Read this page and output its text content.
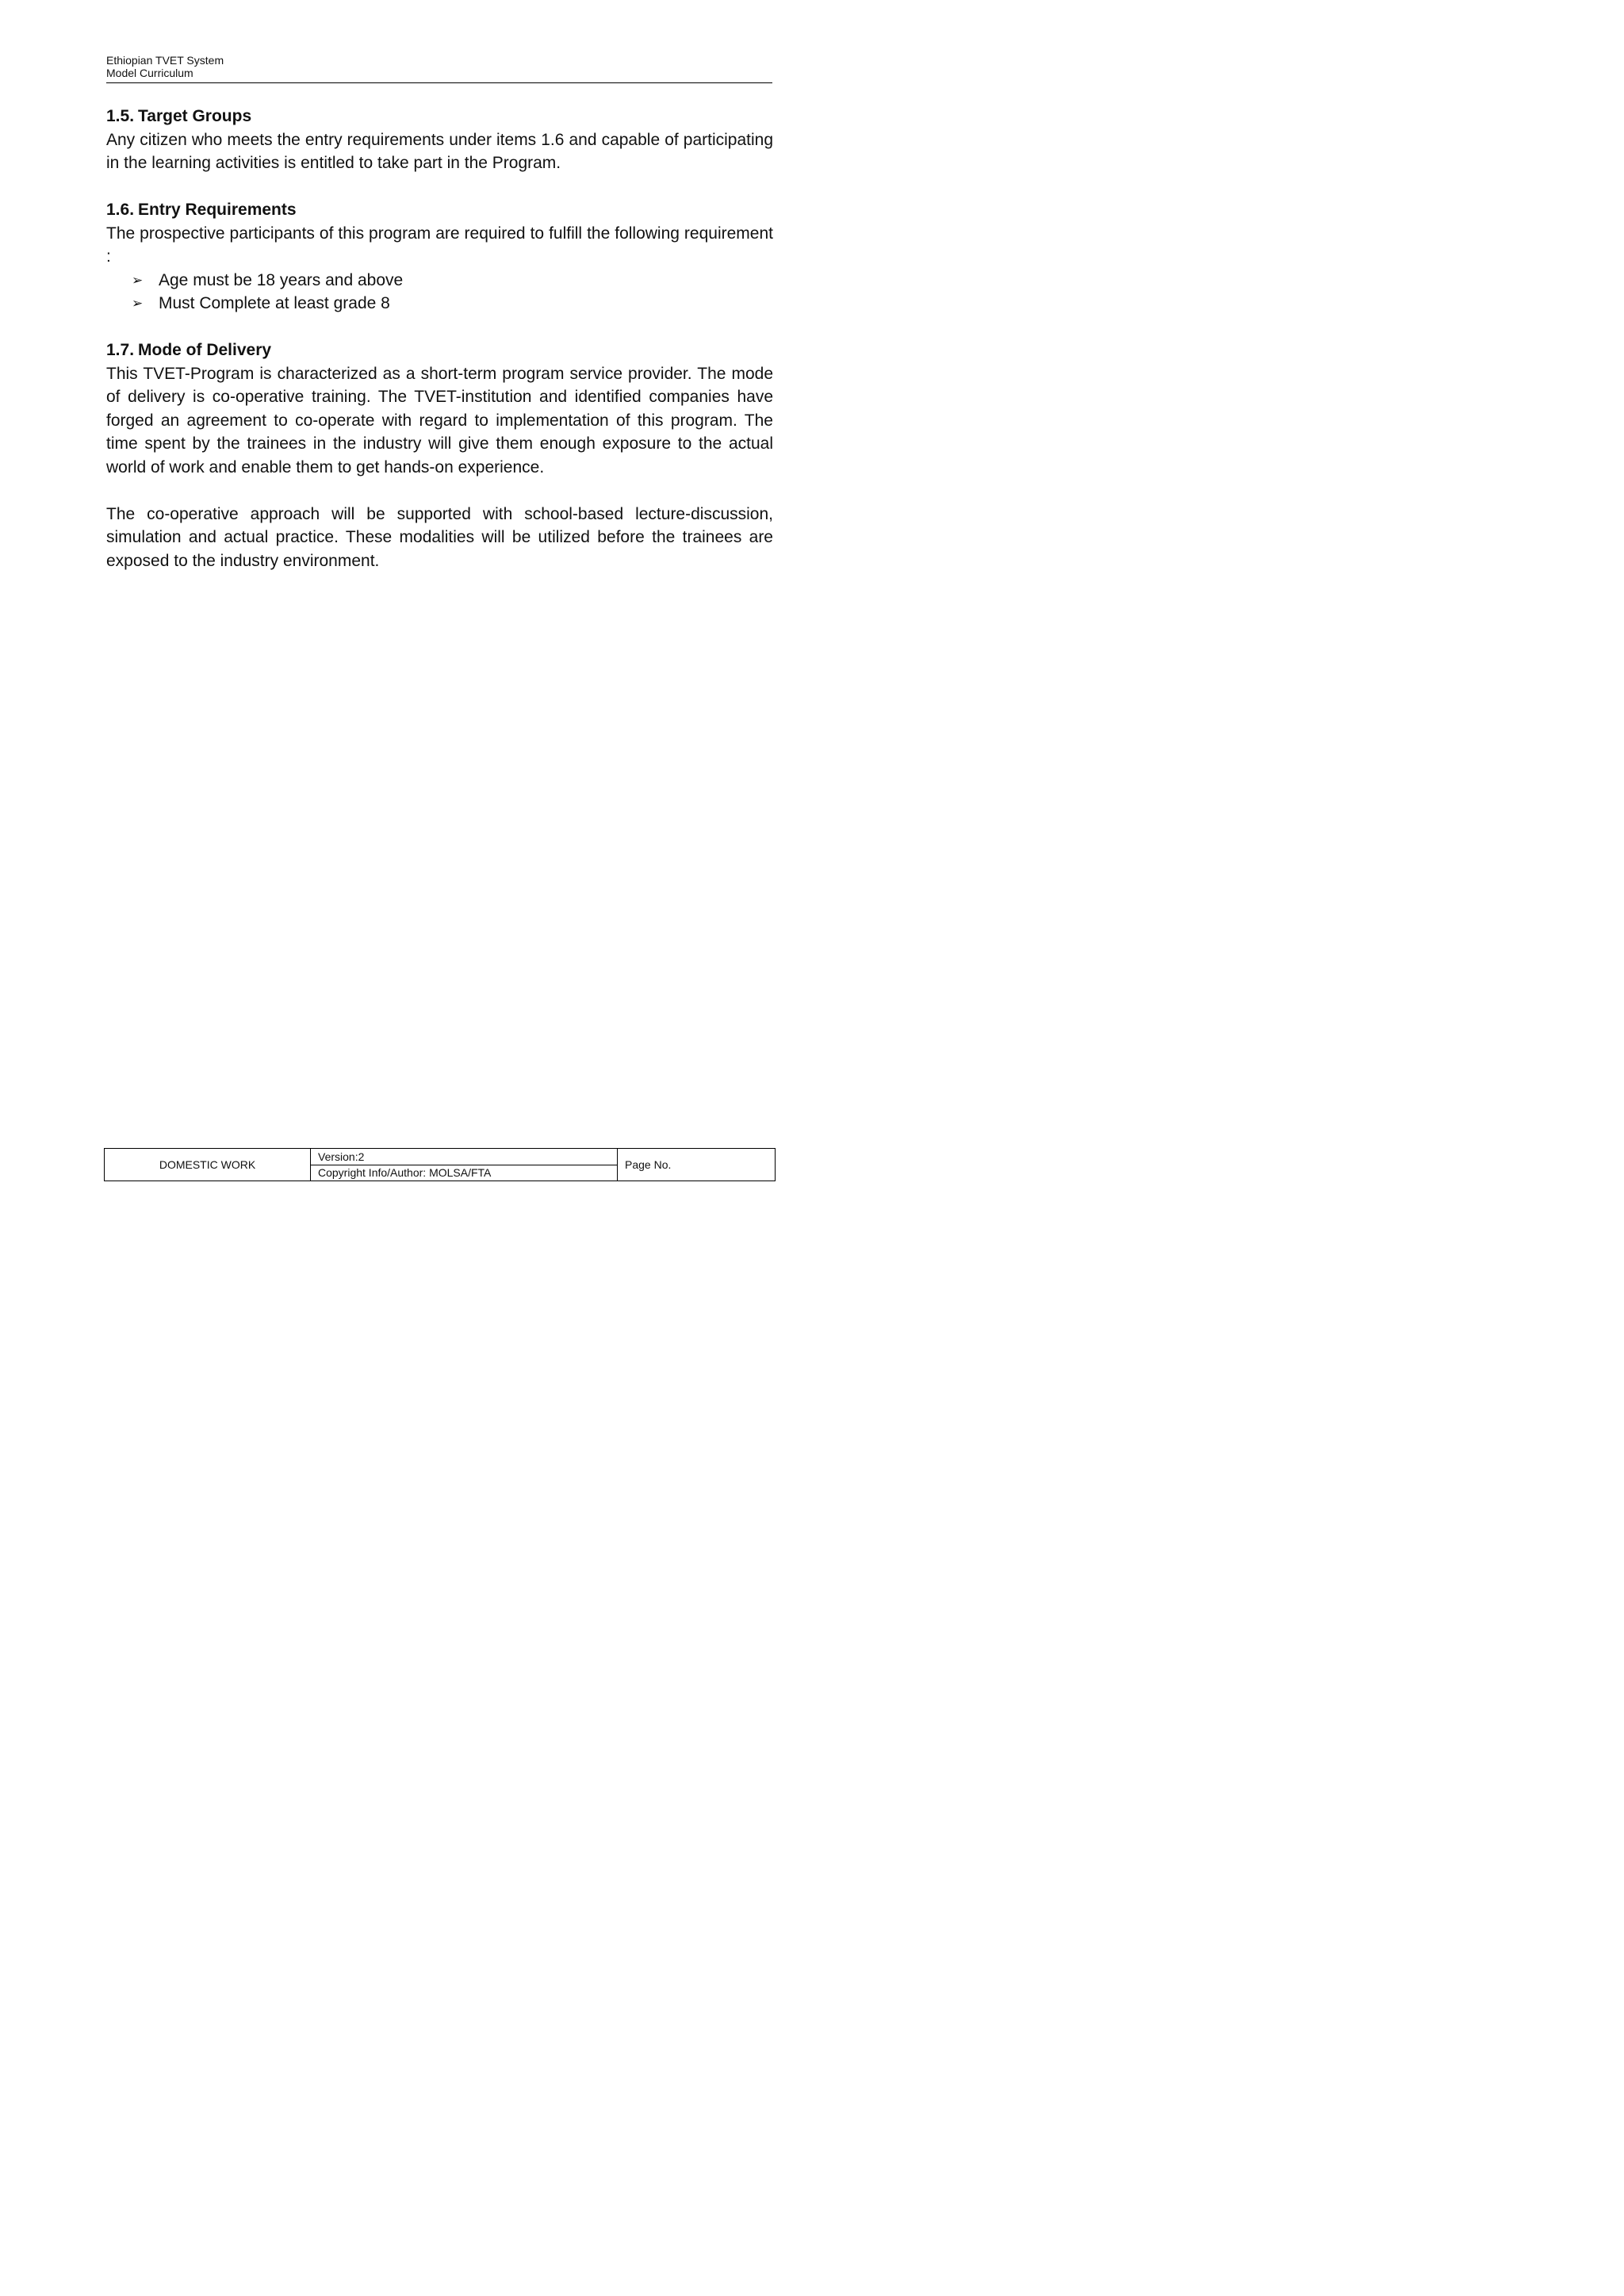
Ethiopian TVET System
Model Curriculum
1.5. Target Groups

Any citizen who meets the entry requirements under items 1.6 and capable of participating in the learning activities is entitled to take part in the Program.

1.6. Entry Requirements

The prospective participants of this program are required to fulfill the following requirement :

➢ Age must be 18 years and above
➢ Must Complete at least grade 8
1.7. Mode of Delivery

This TVET-Program is characterized as a short-term program service provider. The mode of delivery is co-operative training. The TVET-institution and identified companies have forged an agreement to co-operate with regard to implementation of this program. The time spent by the trainees in the industry will give them enough exposure to the actual world of work and enable them to get hands-on experience.

The co-operative approach will be supported with school-based lecture-discussion, simulation and actual practice. These modalities will be utilized before the trainees are exposed to the industry environment.

DOMESTIC WORK
Version:2
Copyright Info/Author: MOLSA/FTA
Page No.
